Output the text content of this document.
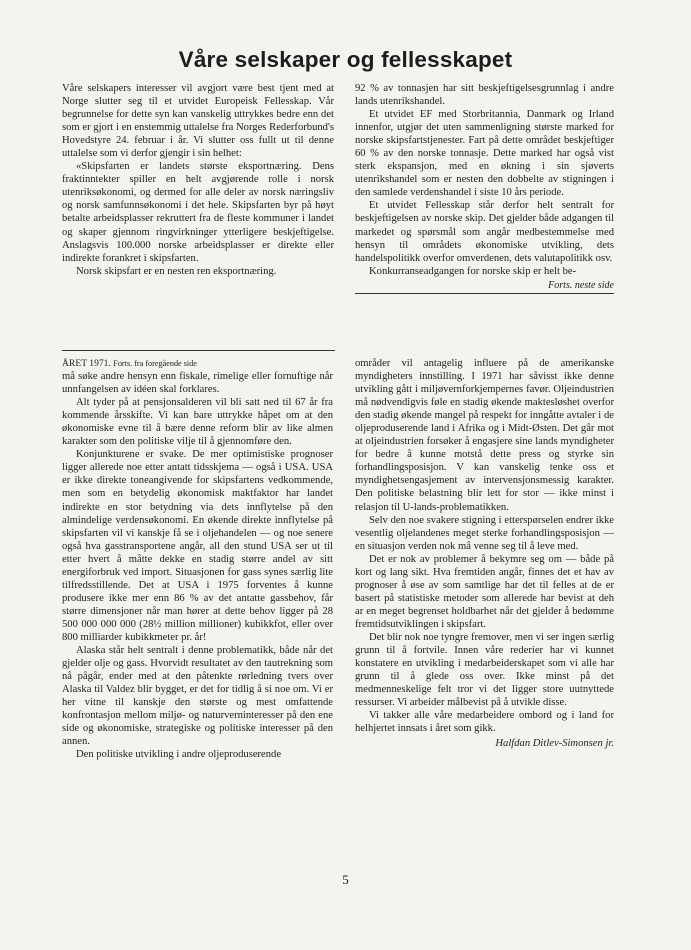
Våre selskaper og fellesskapet

Våre selskapers interesser vil avgjort være best tjent med at Norge slutter seg til et utvidet Europeisk Fellesskap. Vår begrunnelse for dette syn kan vanskelig uttrykkes bedre enn det som er gjort i en enstemmig uttalelse fra Norges Rederforbund's Hovedstyre 24. februar i år. Vi slutter oss fullt ut til denne uttalelse som vi derfor gjengir i sin helhet:

«Skipsfarten er landets største eksportnæring. Dens fraktinntekter spiller en helt avgjørende rolle i norsk utenriksøkonomi, og dermed for alle deler av norsk næringsliv og norsk samfunnsøkonomi i det hele. Skipsfarten byr på høyt betalte arbeidsplasser rekruttert fra de fleste kommuner i landet og skaper gjennom ringvirkninger ytterligere beskjeftigelse. Anslagsvis 100.000 norske arbeidsplasser er direkte eller indirekte forankret i skipsfarten.

Norsk skipsfart er en nesten ren eksportnæring.

92 % av tonnasjen har sitt beskjeftigelsesgrunnlag i andre lands utenrikshandel.

Et utvidet EF med Storbritannia, Danmark og Irland innenfor, utgjør det uten sammenligning største marked for norske skipsfartstjenester. Fart på dette området beskjeftiger 60 % av den norske tonnasje. Dette marked har også vist sterk ekspansjon, med en økning i sin sjøverts utenrikshandel som er nesten den dobbelte av stigningen i den samlede verdenshandel i siste 10 års periode.

Et utvidet Fellesskap står derfor helt sentralt for beskjeftigelsen av norske skip. Det gjelder både adgangen til markedet og spørsmål som angår medbestemmelse med hensyn til områdets økonomiske utvikling, dets handelspolitikk overfor omverdenen, dets valutapolitikk osv.

Konkurranseadgangen for norske skip er helt be-

Forts. neste side

ÅRET 1971. Forts. fra foregående side

må søke andre hensyn enn fiskale, rimelige eller fornuftige når unnfangelsen av idéen skal forklares.

Alt tyder på at pensjonsalderen vil bli satt ned til 67 år fra kommende årsskifte. Vi kan bare uttrykke håpet om at den økonomiske evne til å bære denne reform blir av like almen karakter som den politiske vilje til å gjennomføre den.

Konjunkturene er svake. De mer optimistiske prognoser ligger allerede noe etter antatt tidsskjema — også i USA. USA er ikke direkte toneangivende for skipsfartens vedkommende, men som en betydelig økonomisk maktfaktor har landet indirekte en stor betydning via dets innflytelse på den almindelige verdensøkonomi. En økende direkte innflytelse på skipsfarten vil vi kanskje få se i oljehandelen — og noe senere også hva gasstransportene angår, all den stund USA ser ut til etter hvert å måtte dekke en stadig større andel av sitt energiforbruk ved import. Situasjonen for gass synes særlig lite tilfredsstillende. Det at USA i 1975 forventes å kunne produsere ikke mer enn 86 % av det antatte gassbehov, får større dimensjoner når man hører at dette behov ligger på 28 500 000 000 000 (28½ million millioner) kubikkfot, eller over 800 milliarder kubikkmeter pr. år!

Alaska står helt sentralt i denne problematikk, både når det gjelder olje og gass. Hvorvidt resultatet av den tautrekning som nå pågår, ender med at den påtenkte rørledning tvers over Alaska til Valdez blir bygget, er det for tidlig å si noe om. Vi er her vitne til kanskje den største og mest omfattende konfrontasjon mellom miljø- og naturverninteresser på den ene side og økonomiske, strategiske og politiske interesser på den annen.

Den politiske utvikling i andre oljeproduserende

områder vil antagelig influere på de amerikanske myndigheters innstilling. I 1971 har såvisst ikke denne utvikling gått i miljøvernforkjempernes favør. Oljeindustrien må nødvendigvis føle en stadig økende maktesløshet overfor den stadig økende mangel på respekt for inngåtte avtaler i de oljeproduserende land i Afrika og i Midt-Østen. Det går mot at oljeindustrien forsøker å engasjere sine lands myndigheter for bedre å kunne motstå dette press og styrke sin forhandlingsposisjon. V kan vanskelig tenke oss et myndighetsengasjement av intervensjonsmessig karakter. Den politiske belastning blir lett for stor — ikke minst i relasjon til U-lands-problematikken.

Selv den noe svakere stigning i etterspørselen endrer ikke vesentlig oljelandenes meget sterke forhandlingsposisjon — en situasjon verden nok må venne seg til å leve med.

Det er nok av problemer å bekymre seg om — både på kort og lang sikt. Hva fremtiden angår, finnes det et hav av prognoser å øse av som samtlige har det til felles at de er basert på statistiske metoder som allerede har bevist at deh ar en meget begrenset holdbarhet når det gjelder å bedømme fremtidsutviklingen i skipsfart.

Det blir nok noe tyngre fremover, men vi ser ingen særlig grunn til å fortvile. Innen våre rederier har vi kunnet konstatere en utvikling i medarbeiderskapet som vi alle har grunn til å glede oss over. Ikke minst på det medmenneskelige felt tror vi det ligger store uutnyttede ressurser. Vi arbeider målbevist på å utvikle disse.

Vi takker alle våre medarbeidere ombord og i land for helhjertet innsats i året som gikk.

Halfdan Ditlev-Simonsen jr.
5
